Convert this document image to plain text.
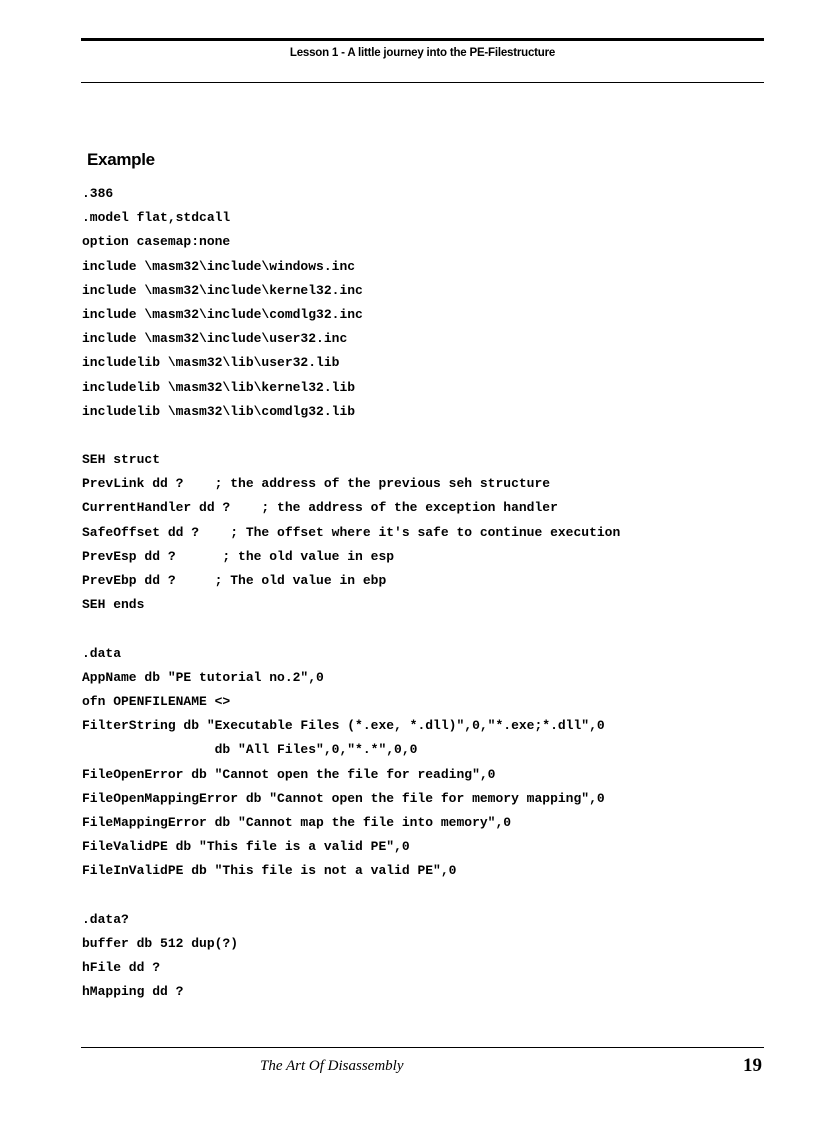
Lesson 1 - A little journey into the PE-Filestructure
Example
.386
.model flat,stdcall
option casemap:none
include \masm32\include\windows.inc
include \masm32\include\kernel32.inc
include \masm32\include\comdlg32.inc
include \masm32\include\user32.inc
includelib \masm32\lib\user32.lib
includelib \masm32\lib\kernel32.lib
includelib \masm32\lib\comdlg32.lib
SEH struct
PrevLink dd ?    ; the address of the previous seh structure
CurrentHandler dd ?    ; the address of the exception handler
SafeOffset dd ?    ; The offset where it's safe to continue execution
PrevEsp dd ?      ; the old value in esp
PrevEbp dd ?     ; The old value in ebp
SEH ends
.data
AppName db "PE tutorial no.2",0
ofn OPENFILENAME <>
FilterString db "Executable Files (*.exe, *.dll)",0,"*.exe;*.dll",0
db "All Files",0,"*.*",0,0
FileOpenError db "Cannot open the file for reading",0
FileOpenMappingError db "Cannot open the file for memory mapping",0
FileMappingError db "Cannot map the file into memory",0
FileValidPE db "This file is a valid PE",0
FileInValidPE db "This file is not a valid PE",0
.data?
buffer db 512 dup(?)
hFile dd ?
hMapping dd ?
The Art Of Disassembly	19
